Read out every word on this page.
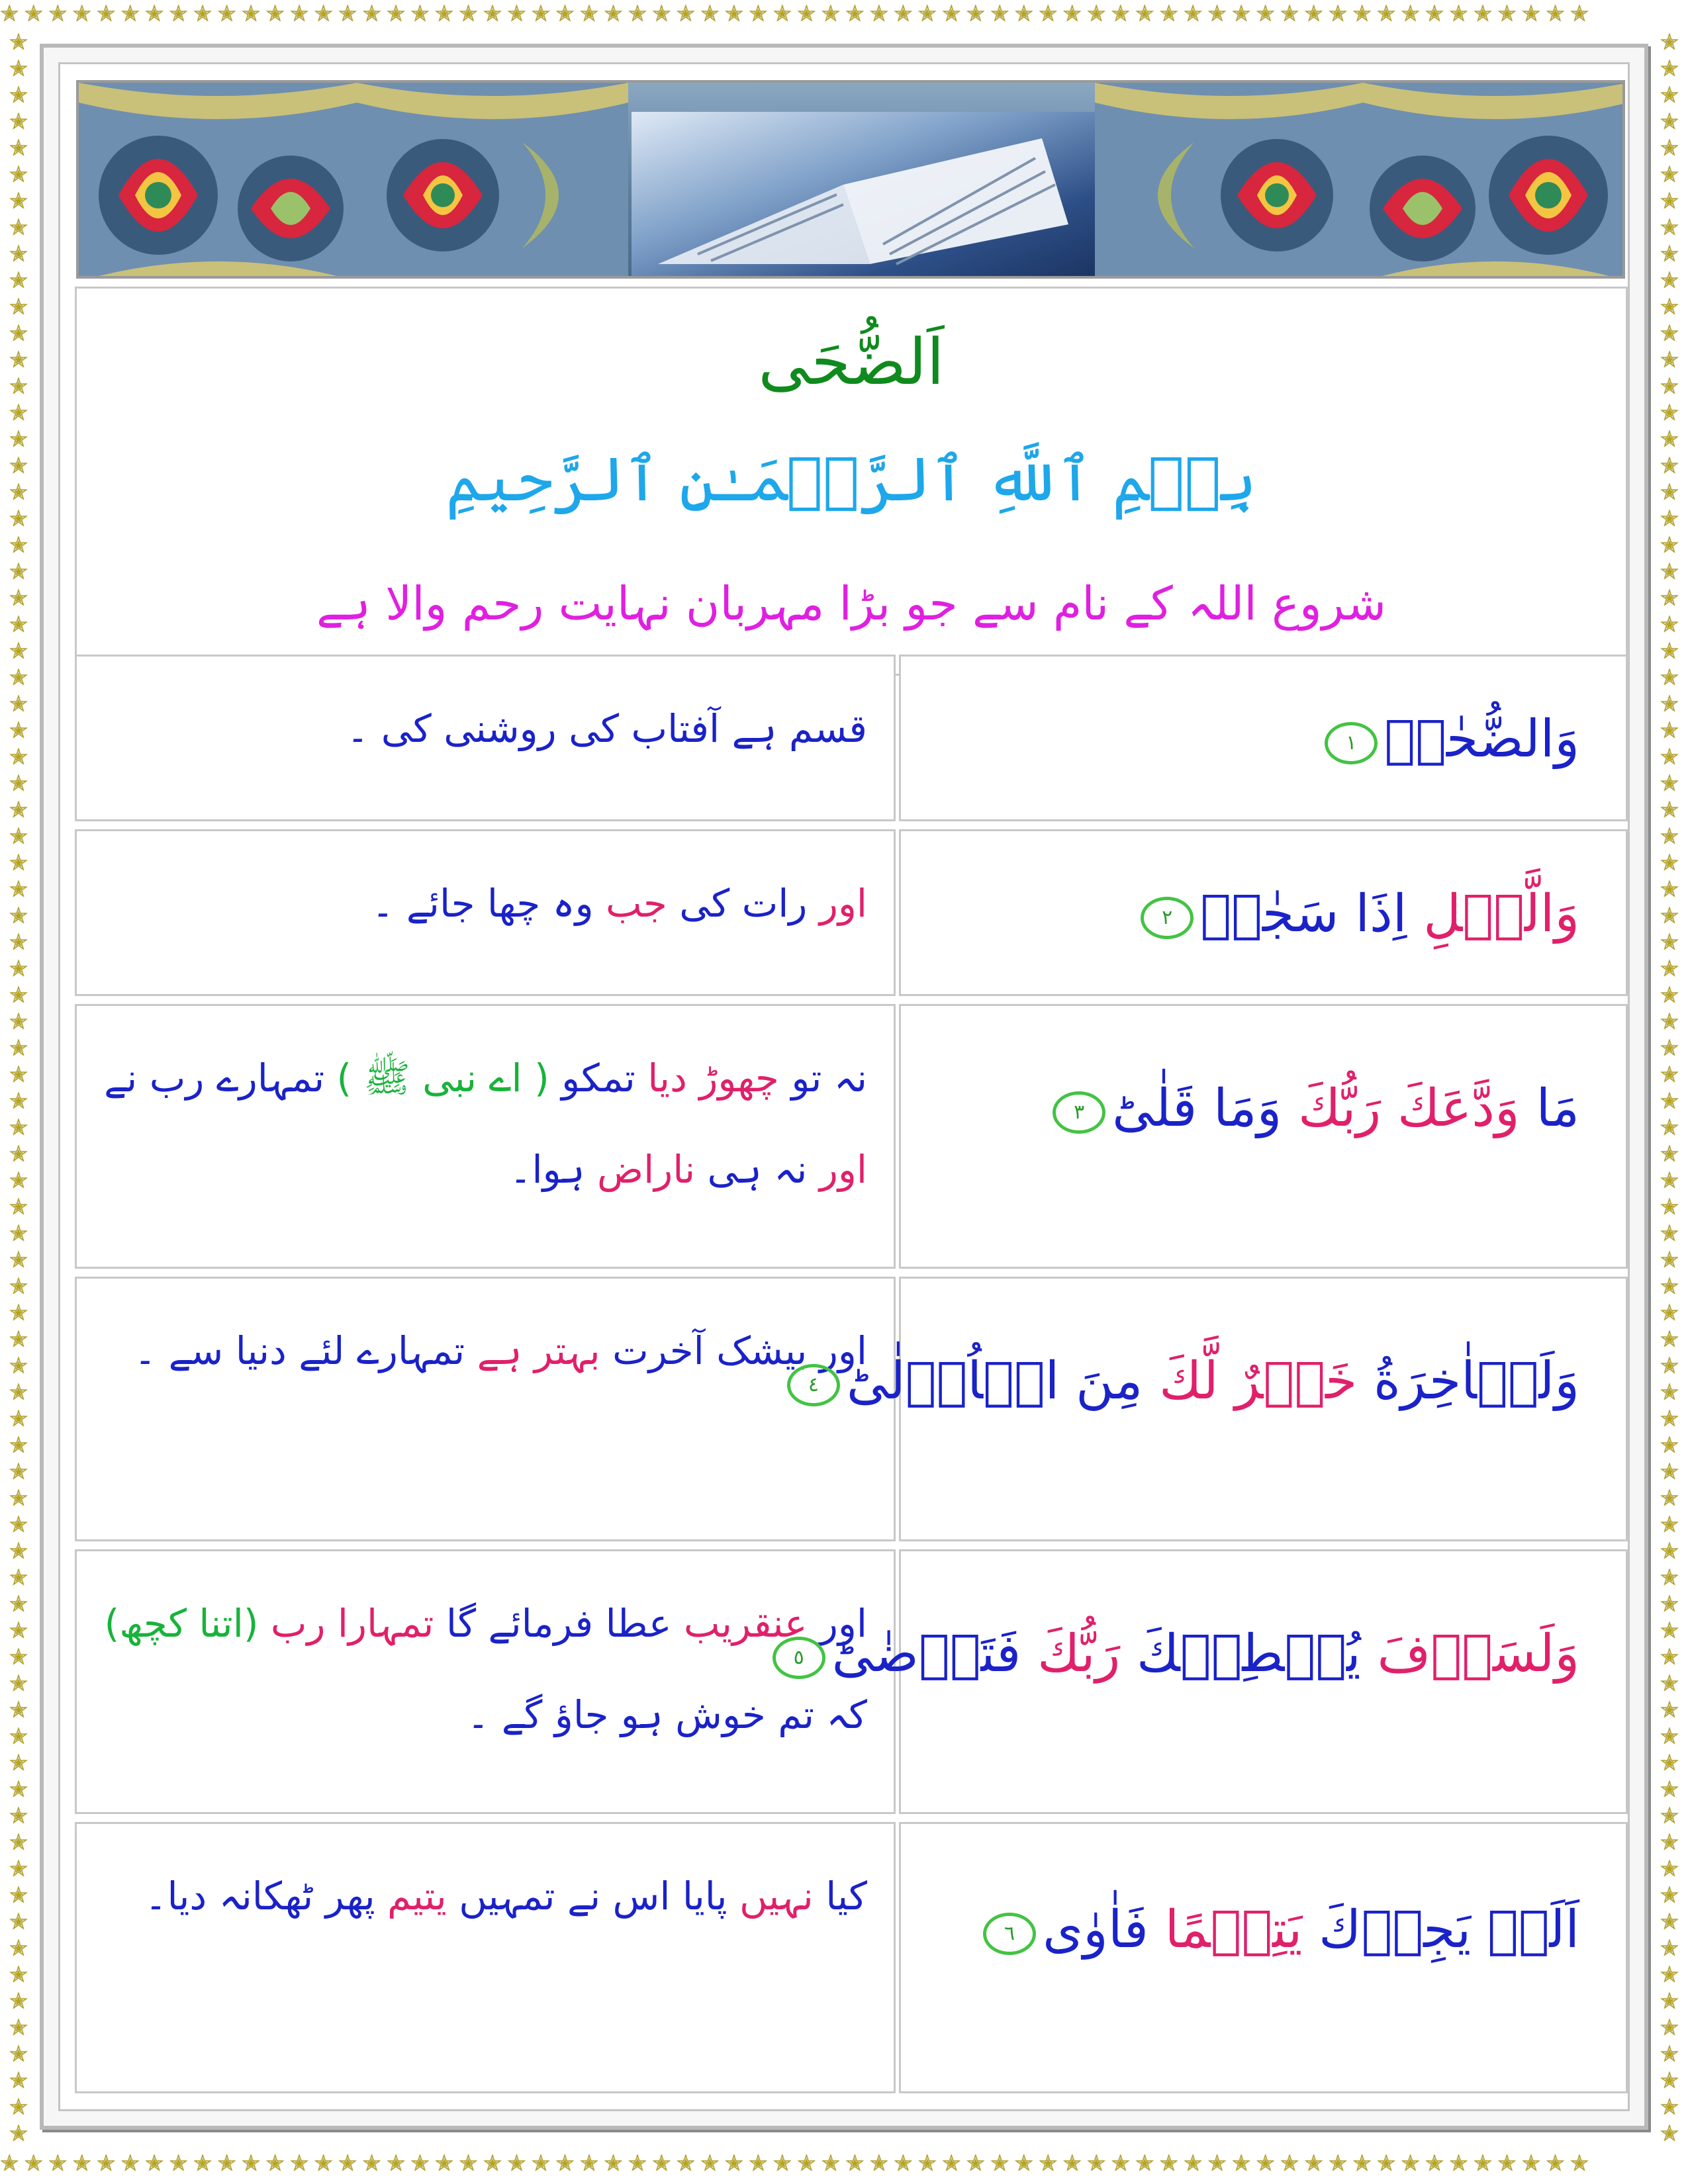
✭✭✭✭✭✭✭✭✭✭✭✭✭✭✭✭✭✭✭✭✭✭✭✭✭✭✭✭✭✭✭✭✭✭✭✭✭✭✭✭✭✭✭✭✭✭✭✭✭✭✭✭✭✭✭✭✭✭✭✭✭✭✭✭✭✭
✭✭✭✭✭✭✭✭✭✭✭✭✭✭✭✭✭✭✭✭✭✭✭✭✭✭✭✭✭✭✭✭✭✭✭✭✭✭✭✭✭✭✭✭✭✭✭✭✭✭✭✭✭✭✭✭✭✭✭✭✭✭✭✭✭✭
✭✭✭✭✭✭✭✭✭✭✭✭✭✭✭✭✭✭✭✭✭✭✭✭✭✭✭✭✭✭✭✭✭✭✭✭✭✭✭✭✭✭✭✭✭✭✭✭✭✭✭✭✭✭✭✭✭✭✭✭✭✭✭✭✭✭✭✭✭✭✭✭✭✭✭✭✭✭✭✭
✭✭✭✭✭✭✭✭✭✭✭✭✭✭✭✭✭✭✭✭✭✭✭✭✭✭✭✭✭✭✭✭✭✭✭✭✭✭✭✭✭✭✭✭✭✭✭✭✭✭✭✭✭✭✭✭✭✭✭✭✭✭✭✭✭✭✭✭✭✭✭✭✭✭✭✭✭✭✭✭
اَلضُّحَى
بِسۡمِ ٱللَّهِ ٱلرَّحۡمَـٰنِ ٱلرَّحِيمِ
شروع اللہ کے نام سے جو بڑا مہربان نہایت رحم والا ہے
قسم ہے آفتاب کی روشنی کی ۔	وَالضُّحٰىۙ١
اور رات کی جب وہ چھا جائے ۔	وَالَّيۡلِ اِذَا سَجٰىۙ٢
نہ تو چھوڑ دیا تمکو ( اے نبی ﷺ ) تمہارے رب نے اور نہ ہی ناراض ہوا۔
مَا وَدَّعَكَ رَبُّكَ وَمَا قَلٰىؕ٣
اور بیشک آخرت بہتر ہے تمہارے لئے دنیا سے ۔
وَلَلۡاٰخِرَةُ خَيۡرٌ لَّكَ مِنَ الۡاُوۡلٰىؕ٤
اور عنقریب عطا فرمائے گا تمہارا رب (اتنا کچھ) کہ تم خوش ہو جاؤ گے ۔
وَلَسَوۡفَ يُعۡطِيۡكَ رَبُّكَ فَتَرۡضٰىؕ٥
کیا نہیں پایا اس نے تمہیں یتیم پھر ٹھکانہ دیا۔
اَلَمۡ يَجِدۡكَ يَتِيۡمًا فَاٰوٰى٦
